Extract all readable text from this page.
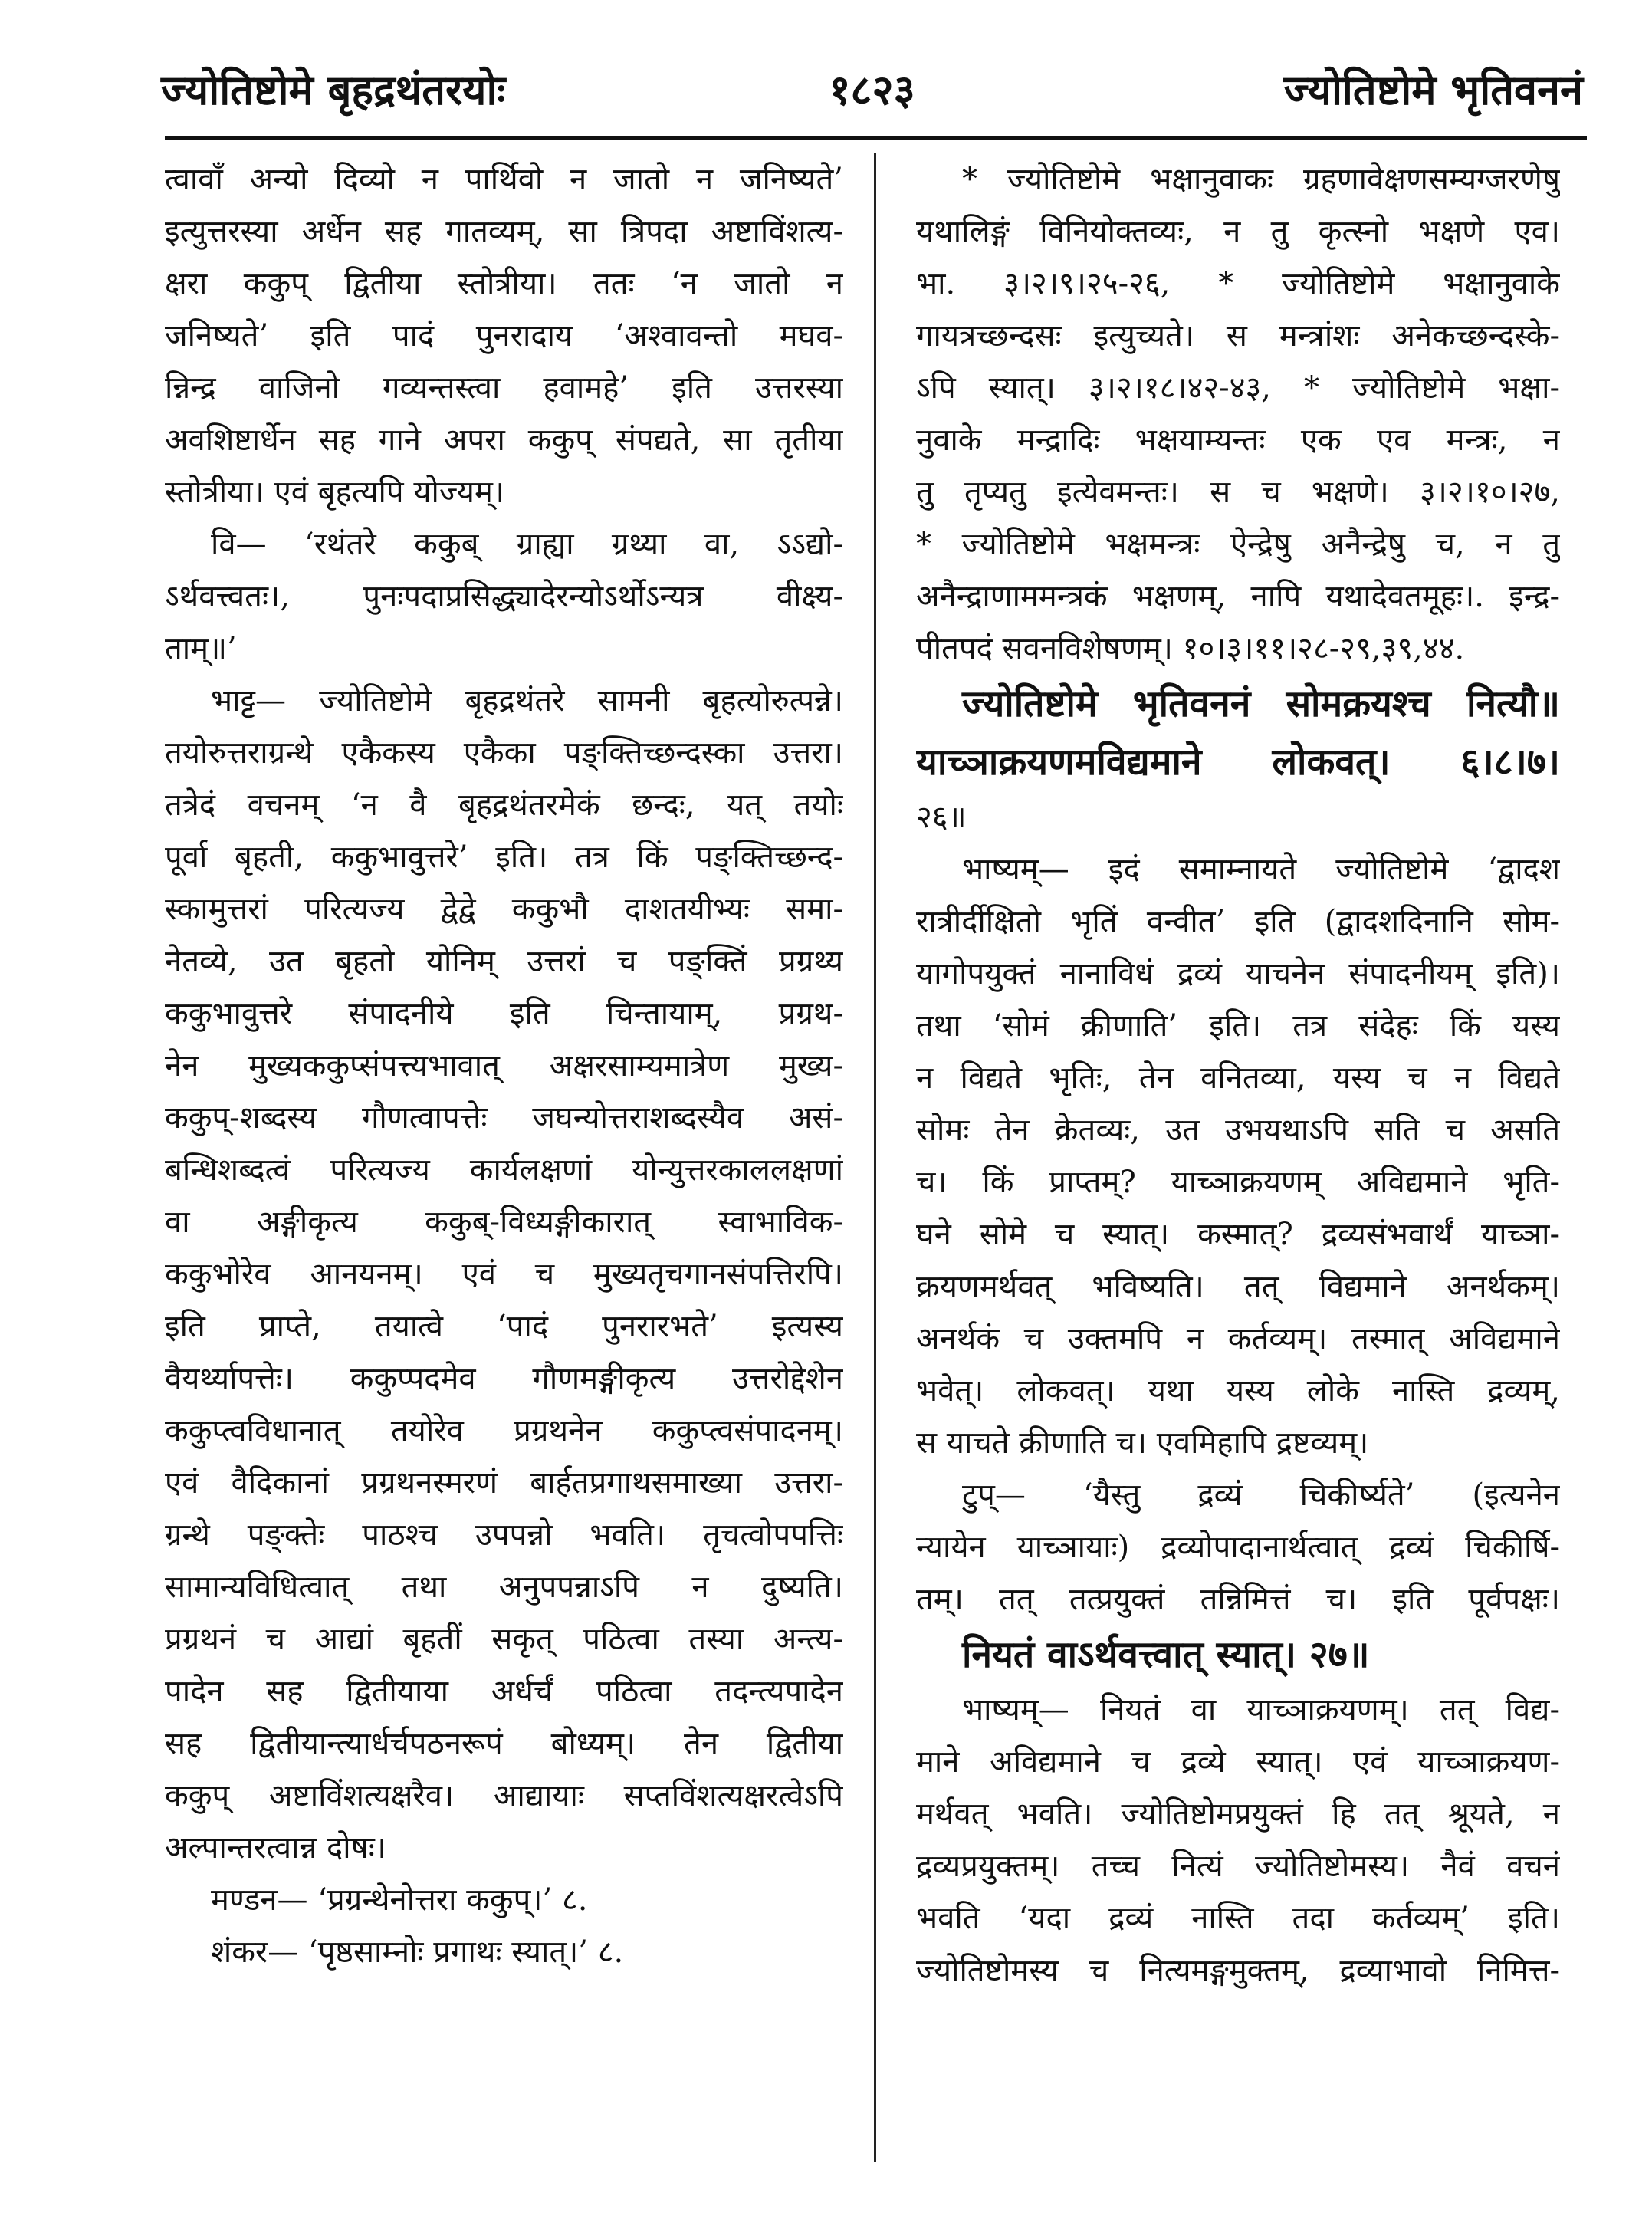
ज्योतिष्टोमे बृहद्रथंतरयोः	१८२३	ज्योतिष्टोमे भृतिवननं
त्वावाँ अन्यो दिव्यो न पार्थिवो न जातो न जनिष्यते’
इत्युत्तरस्या अर्धेन सह गातव्यम्, सा त्रिपदा अष्टाविंशत्य-
क्षरा ककुप् द्वितीया स्तोत्रीया। ततः ‘न जातो न
जनिष्यते’ इति पादं पुनरादाय ‘अश्वावन्तो मघव-
न्निन्द्र वाजिनो गव्यन्तस्त्वा हवामहे’ इति उत्तरस्या
अवशिष्टार्धेन सह गाने अपरा ककुप् संपद्यते, सा तृतीया
स्तोत्रीया। एवं बृहत्यपि योज्यम्।
वि— ‘रथंतरे ककुब् ग्राह्या ग्रथ्या वा, ऽऽद्यो-
ऽर्थवत्त्वतः।, पुनःपदाप्रसिद्ध्यादेरन्योऽर्थोऽन्यत्र वीक्ष्य-
ताम्॥’
भाट्ट— ज्योतिष्टोमे बृहद्रथंतरे सामनी बृहत्योरुत्पन्ने।
तयोरुत्तराग्रन्थे एकैकस्य एकैका पङ्क्तिच्छन्दस्का उत्तरा।
तत्रेदं वचनम् ‘न वै बृहद्रथंतरमेकं छन्दः, यत् तयोः
पूर्वा बृहती, ककुभावुत्तरे’ इति। तत्र किं पङ्क्तिच्छन्द-
स्कामुत्तरां परित्यज्य द्वेद्वे ककुभौ दाशतयीभ्यः समा-
नेतव्ये, उत बृहतो योनिम् उत्तरां च पङ्क्तिं प्रग्रथ्य
ककुभावुत्तरे संपादनीये इति चिन्तायाम्, प्रग्रथ-
नेन मुख्यककुप्संपत्त्यभावात् अक्षरसाम्यमात्रेण मुख्य-
ककुप्-शब्दस्य गौणत्वापत्तेः जघन्योत्तराशब्दस्यैव असं-
बन्धिशब्दत्वं परित्यज्य कार्यलक्षणां योन्युत्तरकाललक्षणां
वा अङ्गीकृत्य ककुब्-विध्यङ्गीकारात् स्वाभाविक-
ककुभोरेव आनयनम्। एवं च मुख्यतृचगानसंपत्तिरपि।
इति प्राप्ते, तयात्वे ‘पादं पुनरारभते’ इत्यस्य
वैयर्थ्यापत्तेः। ककुप्पदमेव गौणमङ्गीकृत्य उत्तरोद्देशेन
ककुप्त्वविधानात् तयोरेव प्रग्रथनेन ककुप्त्वसंपादनम्।
एवं वैदिकानां प्रग्रथनस्मरणं बार्हतप्रगाथसमाख्या उत्तरा-
ग्रन्थे पङ्क्तेः पाठश्च उपपन्नो भवति। तृचत्वोपपत्तिः
सामान्यविधित्वात् तथा अनुपपन्नाऽपि न दुष्यति।
प्रग्रथनं च आद्यां बृहतीं सकृत् पठित्वा तस्या अन्त्य-
पादेन सह द्वितीयाया अर्धर्चं पठित्वा तदन्त्यपादेन
सह द्वितीयान्त्यार्धर्चपठनरूपं बोध्यम्। तेन द्वितीया
ककुप् अष्टाविंशत्यक्षरैव। आद्यायाः सप्तविंशत्यक्षरत्वेऽपि
अल्पान्तरत्वान्न दोषः।
मण्डन— ‘प्रग्रन्थेनोत्तरा ककुप्।’ ८.
शंकर— ‘पृष्ठसाम्नोः प्रगाथः स्यात्।’ ८.
* ज्योतिष्टोमे भक्षानुवाकः ग्रहणावेक्षणसम्यग्जरणेषु
यथालिङ्गं विनियोक्तव्यः, न तु कृत्स्नो भक्षणे एव।
भा. ३।२।९।२५-२६, * ज्योतिष्टोमे भक्षानुवाके
गायत्रच्छन्दसः इत्युच्यते। स मन्त्रांशः अनेकच्छन्दस्के-
ऽपि स्यात्। ३।२।१८।४२-४३, * ज्योतिष्टोमे भक्षा-
नुवाके मन्द्रादिः भक्षयाम्यन्तः एक एव मन्त्रः, न
तु तृप्यतु इत्येवमन्तः। स च भक्षणे। ३।२।१०।२७,
* ज्योतिष्टोमे भक्षमन्त्रः ऐन्द्रेषु अनैन्द्रेषु च, न तु
अनैन्द्राणाममन्त्रकं भक्षणम्, नापि यथादेवतमूहः।. इन्द्र-
पीतपदं सवनविशेषणम्। १०।३।११।२८-२९,३९,४४.
ज्योतिष्टोमे भृतिवननं सोमक्रयश्च नित्यौ॥
याच्ञाक्रयणमविद्यमाने लोकवत्। ६।८।७।
२६॥
भाष्यम्— इदं समाम्नायते ज्योतिष्टोमे ‘द्वादश
रात्रीर्दीक्षितो भृतिं वन्वीत’ इति (द्वादशदिनानि सोम-
यागोपयुक्तं नानाविधं द्रव्यं याचनेन संपादनीयम् इति)।
तथा ‘सोमं क्रीणाति’ इति। तत्र संदेहः किं यस्य
न विद्यते भृतिः, तेन वनितव्या, यस्य च न विद्यते
सोमः तेन क्रेतव्यः, उत उभयथाऽपि सति च असति
च। किं प्राप्तम्? याच्ञाक्रयणम् अविद्यमाने भृति-
घने सोमे च स्यात्। कस्मात्? द्रव्यसंभवार्थं याच्ञा-
क्रयणमर्थवत् भविष्यति। तत् विद्यमाने अनर्थकम्।
अनर्थकं च उक्तमपि न कर्तव्यम्। तस्मात् अविद्यमाने
भवेत्। लोकवत्। यथा यस्य लोके नास्ति द्रव्यम्,
स याचते क्रीणाति च। एवमिहापि द्रष्टव्यम्।
टुप्— ‘यैस्तु द्रव्यं चिकीर्ष्यते’ (इत्यनेन
न्यायेन याच्ञायाः) द्रव्योपादानार्थत्वात् द्रव्यं चिकीर्षि-
तम्। तत् तत्प्रयुक्तं तन्निमित्तं च। इति पूर्वपक्षः।
नियतं वाऽर्थवत्त्वात् स्यात्। २७॥
भाष्यम्— नियतं वा याच्ञाक्रयणम्। तत् विद्य-
माने अविद्यमाने च द्रव्ये स्यात्। एवं याच्ञाक्रयण-
मर्थवत् भवति। ज्योतिष्टोमप्रयुक्तं हि तत् श्रूयते, न
द्रव्यप्रयुक्तम्। तच्च नित्यं ज्योतिष्टोमस्य। नैवं वचनं
भवति ‘यदा द्रव्यं नास्ति तदा कर्तव्यम्’ इति।
ज्योतिष्टोमस्य च नित्यमङ्गमुक्तम्, द्रव्याभावो निमित्त-
